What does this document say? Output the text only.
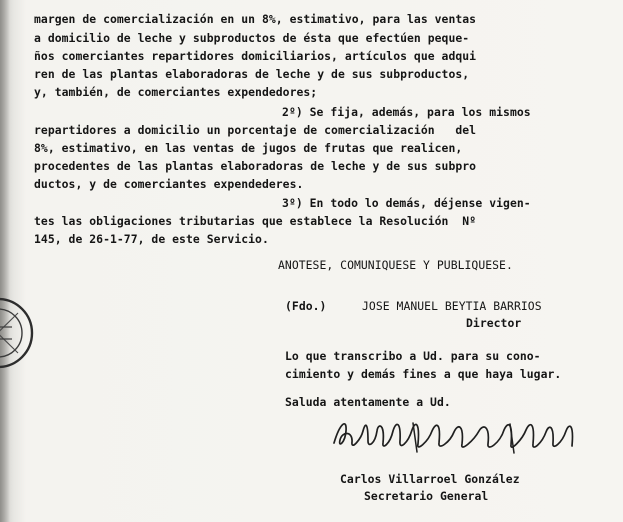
margen de comercialización en un 8%, estimativo, para las ventas
a domicilio de leche y subproductos de ésta que efectúen peque-
ños comerciantes repartidores domiciliarios, artículos que adqui
ren de las plantas elaboradoras de leche y de sus subproductos,
y, también, de comerciantes expendedores;
2º) Se fija, además, para los mismos
repartidores a domicilio un porcentaje de comercialización   del
8%, estimativo, en las ventas de jugos de frutas que realicen,
procedentes de las plantas elaboradoras de leche y de sus subpro
ductos, y de comerciantes expendederes.
3º) En todo lo demás, déjense vigen-
tes las obligaciones tributarias que establece la Resolución  Nº
145, de 26-1-77, de este Servicio.
ANOTESE, COMUNIQUESE Y PUBLIQUESE.
(Fdo.)	JOSE MANUEL BEYTIA BARRIOS
Director
Lo que transcribo a Ud. para su cono-
cimiento y demás fines a que haya lugar.
Saluda atentamente a Ud.
Carlos Villarroel González
Secretario General
